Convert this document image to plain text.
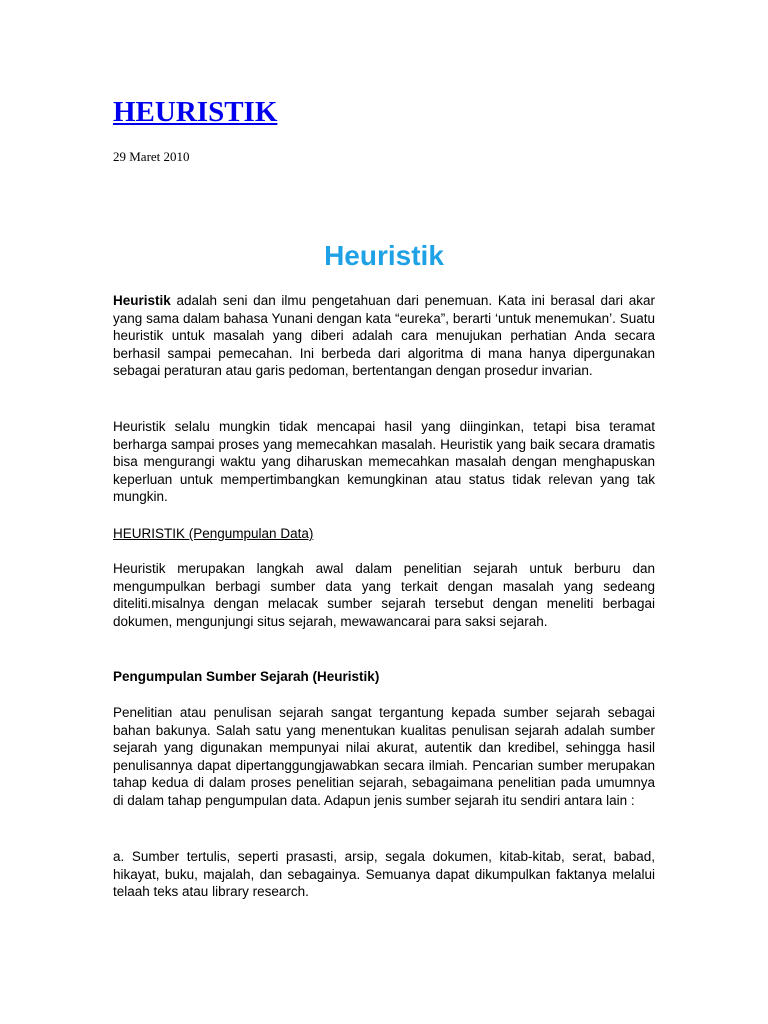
HEURISTIK
29 Maret 2010
Heuristik

Heuristik adalah seni dan ilmu pengetahuan dari penemuan. Kata ini berasal dari akar yang sama dalam bahasa Yunani dengan kata “eureka”, berarti ‘untuk menemukan’. Suatu heuristik untuk masalah yang diberi adalah cara menujukan perhatian Anda secara berhasil sampai pemecahan. Ini berbeda dari algoritma di mana hanya dipergunakan sebagai peraturan atau garis pedoman, bertentangan dengan prosedur invarian.

Heuristik selalu mungkin tidak mencapai hasil yang diinginkan, tetapi bisa teramat berharga sampai proses yang memecahkan masalah. Heuristik yang baik secara dramatis bisa mengurangi waktu yang diharuskan memecahkan masalah dengan menghapuskan keperluan untuk mempertimbangkan kemungkinan atau status tidak relevan yang tak mungkin.

HEURISTIK (Pengumpulan Data)

Heuristik merupakan langkah awal dalam penelitian sejarah untuk berburu dan mengumpulkan berbagi sumber data yang terkait dengan masalah yang sedeang diteliti.misalnya dengan melacak sumber sejarah tersebut dengan meneliti berbagai dokumen, mengunjungi situs sejarah, mewawancarai para saksi sejarah.

Pengumpulan Sumber Sejarah (Heuristik)

Penelitian atau penulisan sejarah sangat tergantung kepada sumber sejarah sebagai bahan bakunya. Salah satu yang menentukan kualitas penulisan sejarah adalah sumber sejarah yang digunakan mempunyai nilai akurat, autentik dan kredibel, sehingga hasil penulisannya dapat dipertanggungjawabkan secara ilmiah. Pencarian sumber merupakan tahap kedua di dalam proses penelitian sejarah, sebagaimana penelitian pada umumnya di dalam tahap pengumpulan data. Adapun jenis sumber sejarah itu sendiri antara lain :

a. Sumber tertulis, seperti prasasti, arsip, segala dokumen, kitab-kitab, serat, babad, hikayat, buku, majalah, dan sebagainya. Semuanya dapat dikumpulkan faktanya melalui telaah teks atau library research.
